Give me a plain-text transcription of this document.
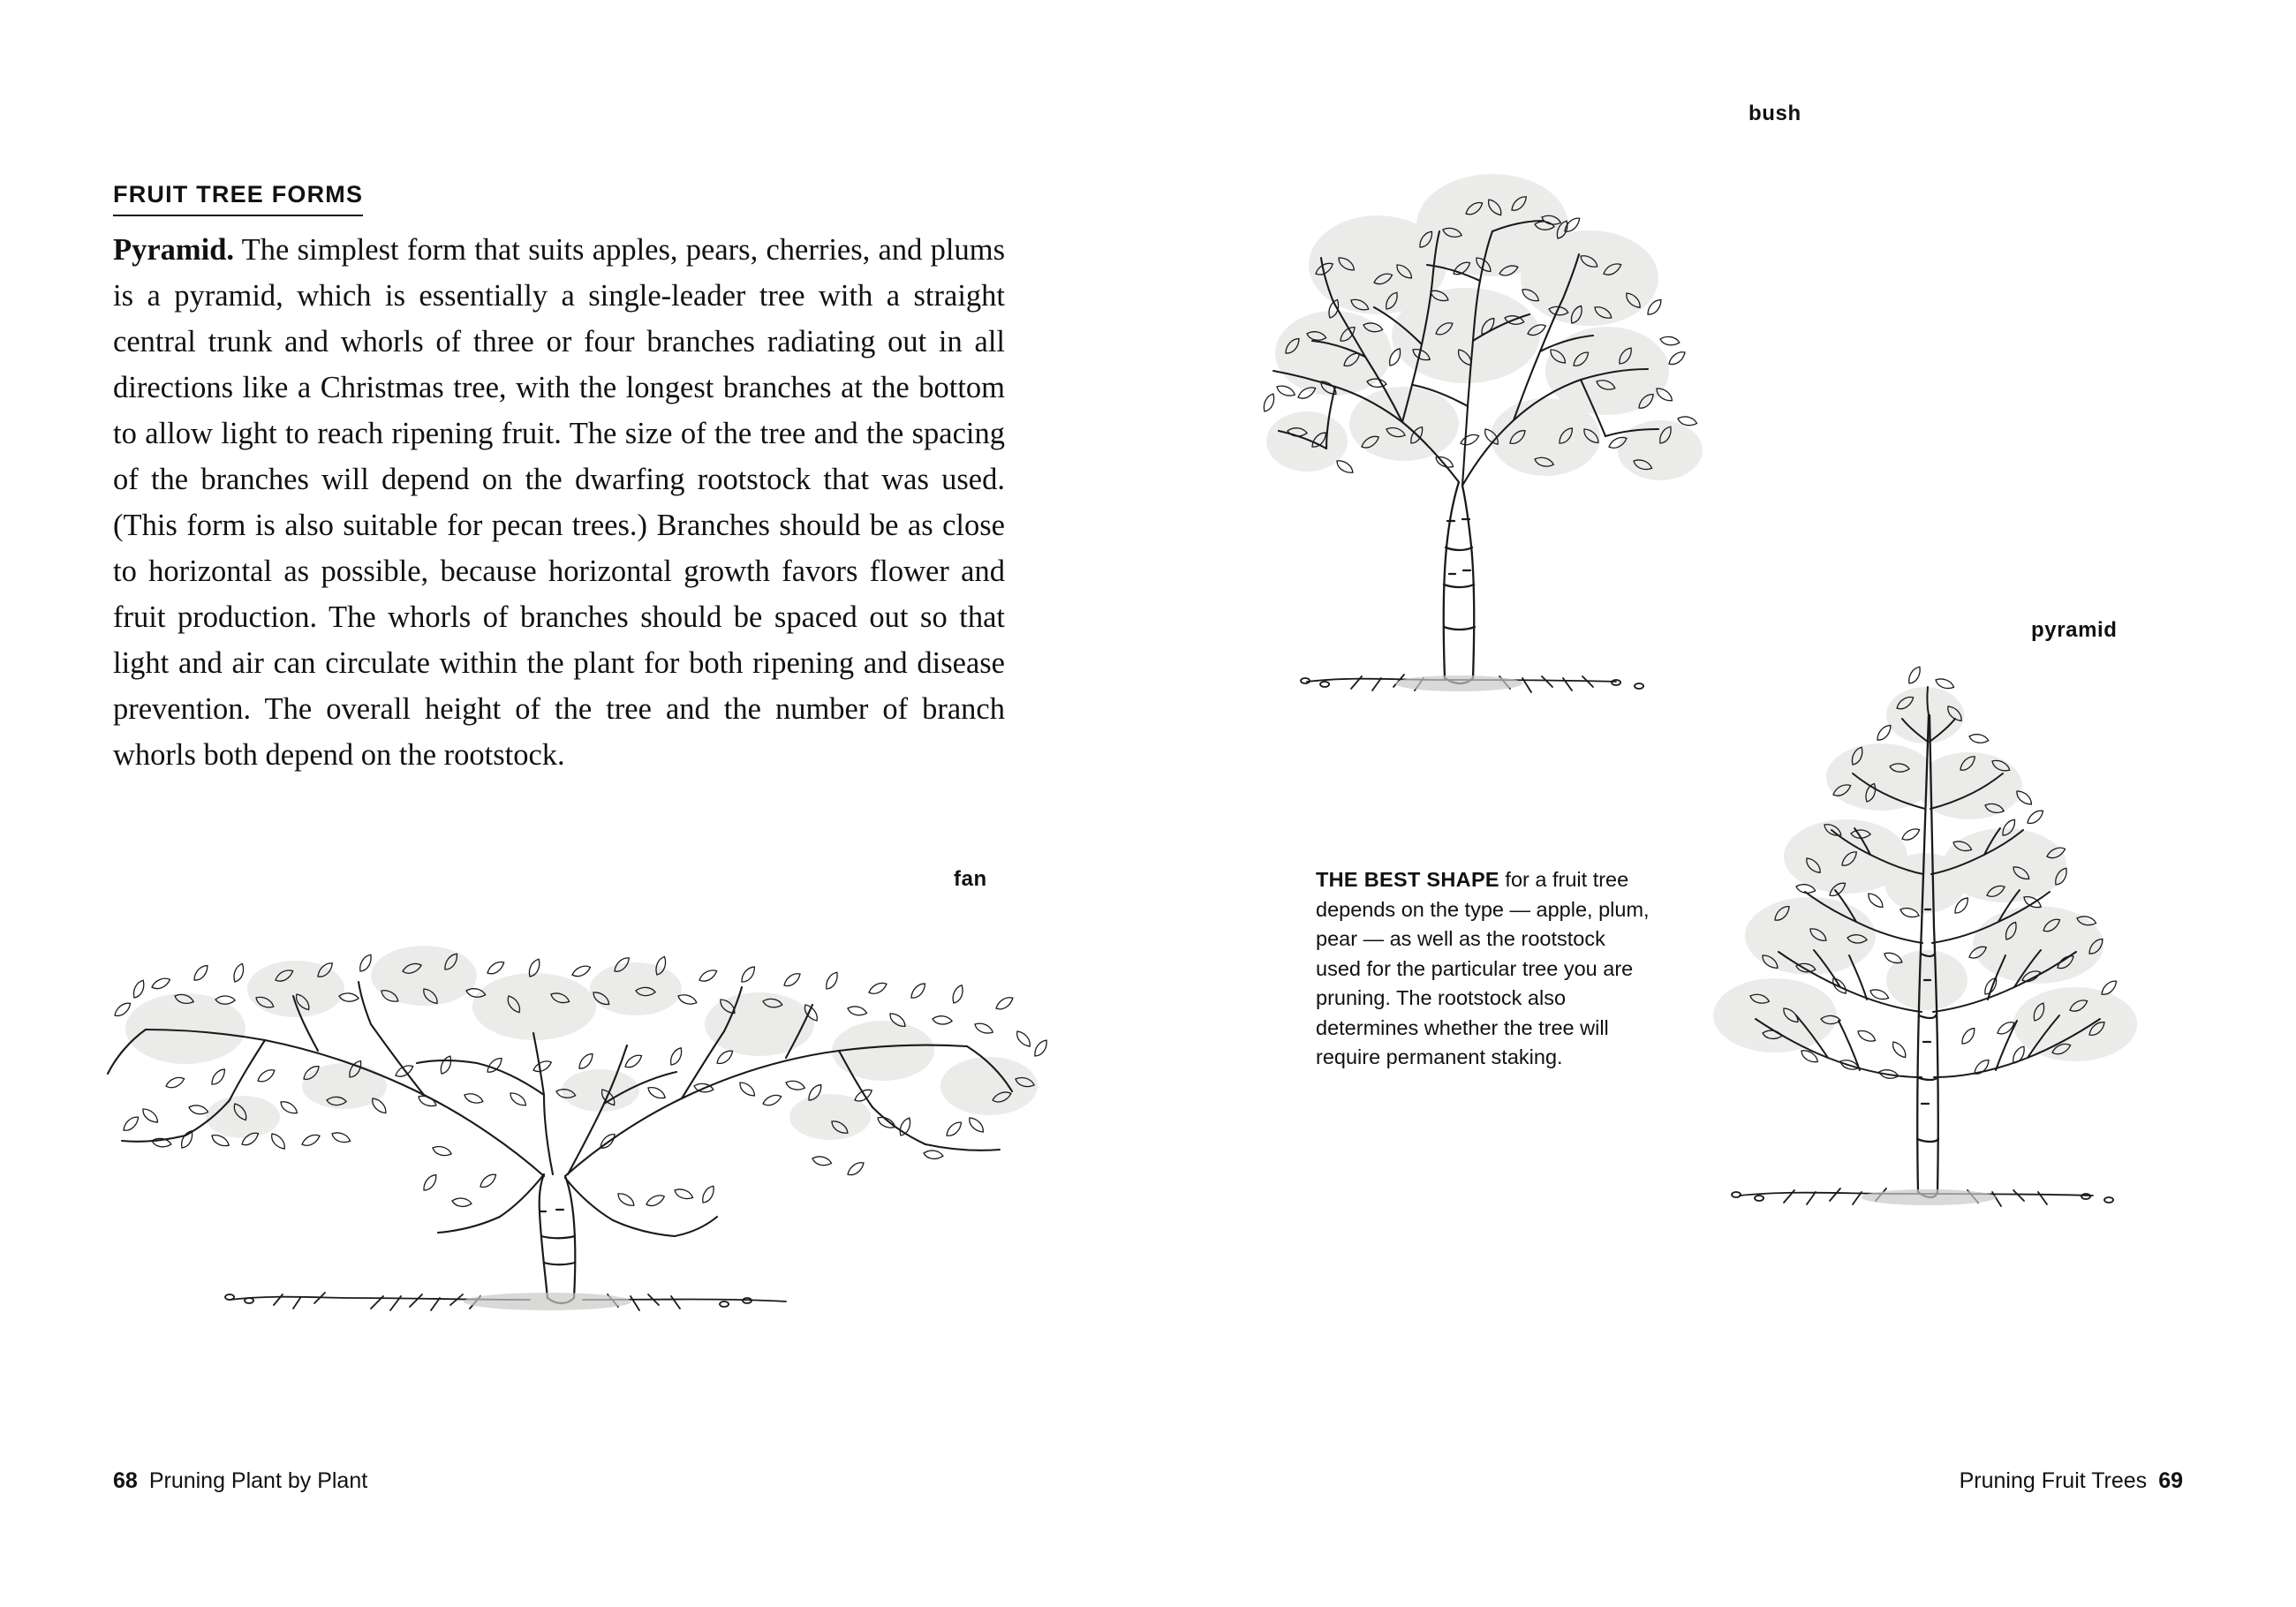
FRUIT TREE FORMS

Pyramid. The simplest form that suits apples, pears, cherries, and plums is a pyramid, which is essentially a single-leader tree with a straight central trunk and whorls of three or four branches radiating out in all directions like a Christmas tree, with the longest branches at the bottom to allow light to reach ripening fruit. The size of the tree and the spacing of the branches will depend on the dwarfing rootstock that was used. (This form is also suitable for pecan trees.) Branches should be as close to horizontal as possible, because horizontal growth favors flower and fruit production. The whorls of branches should be spaced out so that light and air can circulate within the plant for both ripening and disease prevention. The overall height of the tree and the number of branch whorls both depend on the rootstock.

fan
68 Pruning Plant by Plant
bush
pyramid
THE BEST SHAPE for a fruit tree depends on the type — apple, plum, pear — as well as the rootstock used for the particular tree you are pruning. The rootstock also determines whether the tree will require permanent staking.
Pruning Fruit Trees 69
